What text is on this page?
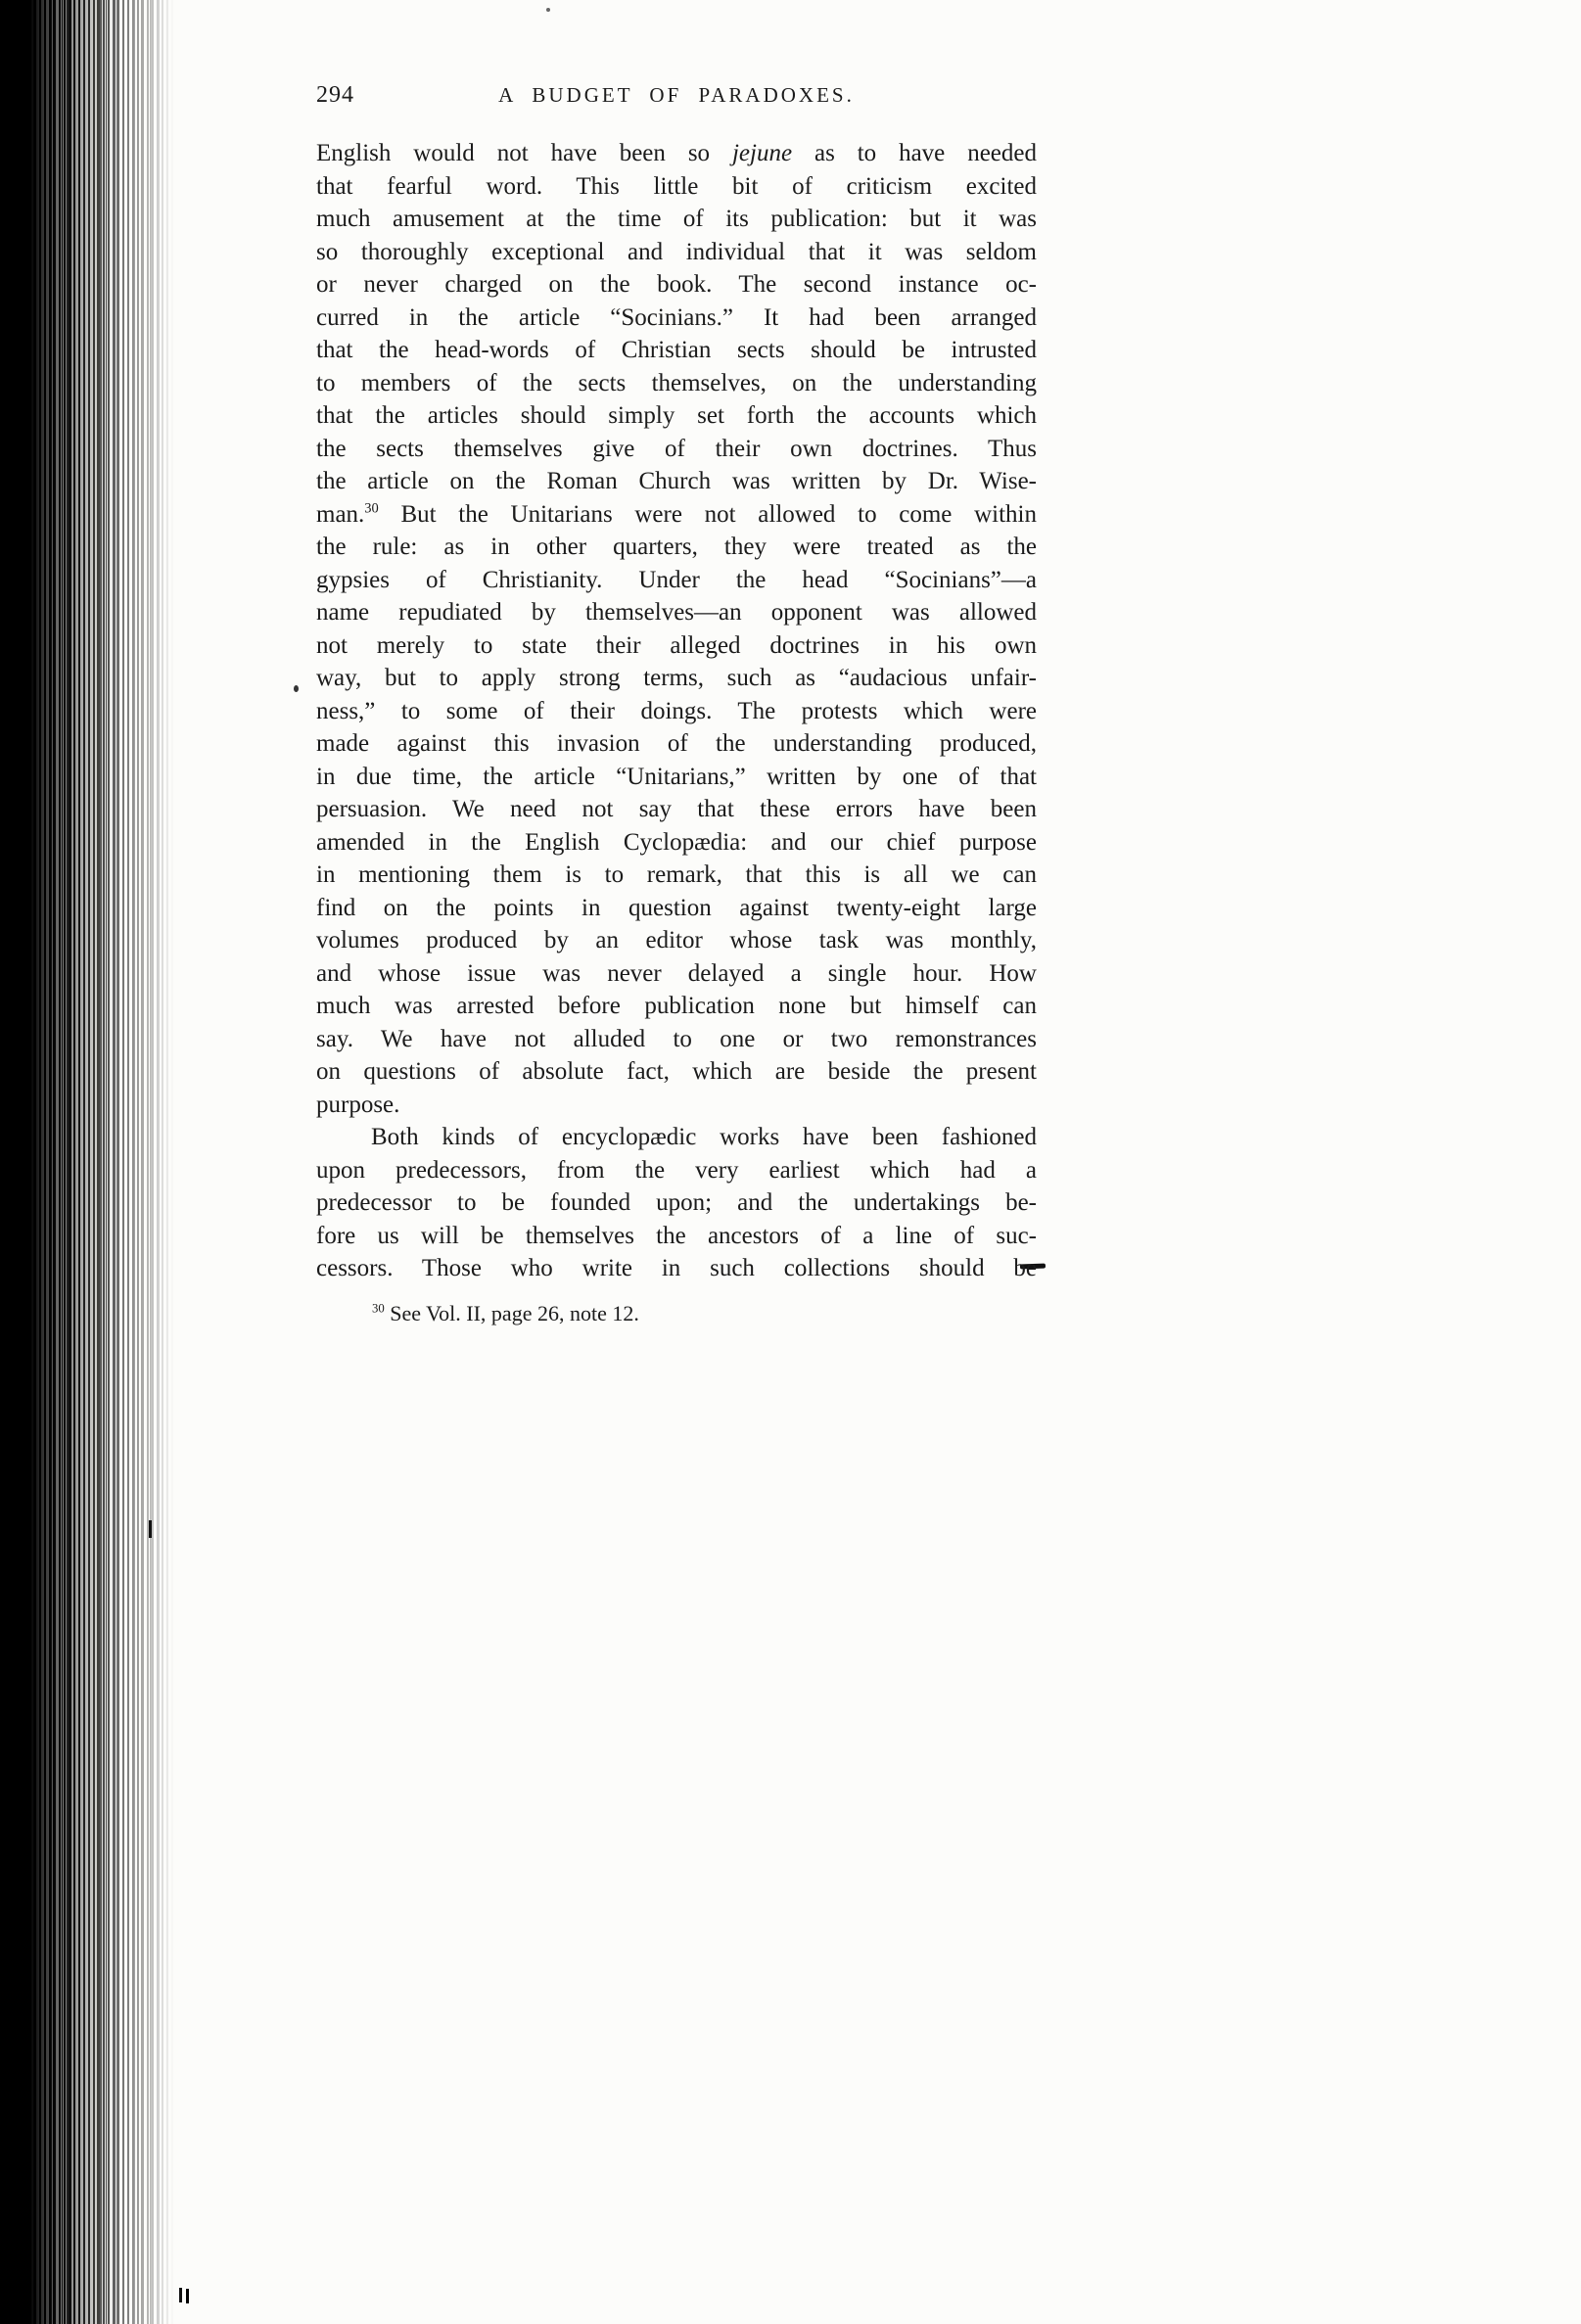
294	A BUDGET OF PARADOXES.
English would not have been so jejune as to have needed
that fearful word. This little bit of criticism excited
much amusement at the time of its publication: but it was
so thoroughly exceptional and individual that it was seldom
or never charged on the book. The second instance oc-
curred in the article “Socinians.” It had been arranged
that the head-words of Christian sects should be intrusted
to members of the sects themselves, on the understanding
that the articles should simply set forth the accounts which
the sects themselves give of their own doctrines. Thus
the article on the Roman Church was written by Dr. Wise-
man.$^{30}$ But the Unitarians were not allowed to come within
the rule: as in other quarters, they were treated as the
gypsies of Christianity. Under the head “Socinians”—a
name repudiated by themselves—an opponent was allowed
not merely to state their alleged doctrines in his own
way, but to apply strong terms, such as “audacious unfair-
ness,” to some of their doings. The protests which were
made against this invasion of the understanding produced,
in due time, the article “Unitarians,” written by one of that
persuasion. We need not say that these errors have been
amended in the English Cyclopædia: and our chief purpose
in mentioning them is to remark, that this is all we can
find on the points in question against twenty-eight large
volumes produced by an editor whose task was monthly,
and whose issue was never delayed a single hour. How
much was arrested before publication none but himself can
say. We have not alluded to one or two remonstrances
on questions of absolute fact, which are beside the present
purpose.
Both kinds of encyclopædic works have been fashioned
upon predecessors, from the very earliest which had a
predecessor to be founded upon; and the undertakings be-
fore us will be themselves the ancestors of a line of suc-
cessors. Those who write in such collections should be
$^{30}$ See Vol. II, page 26, note 12.
